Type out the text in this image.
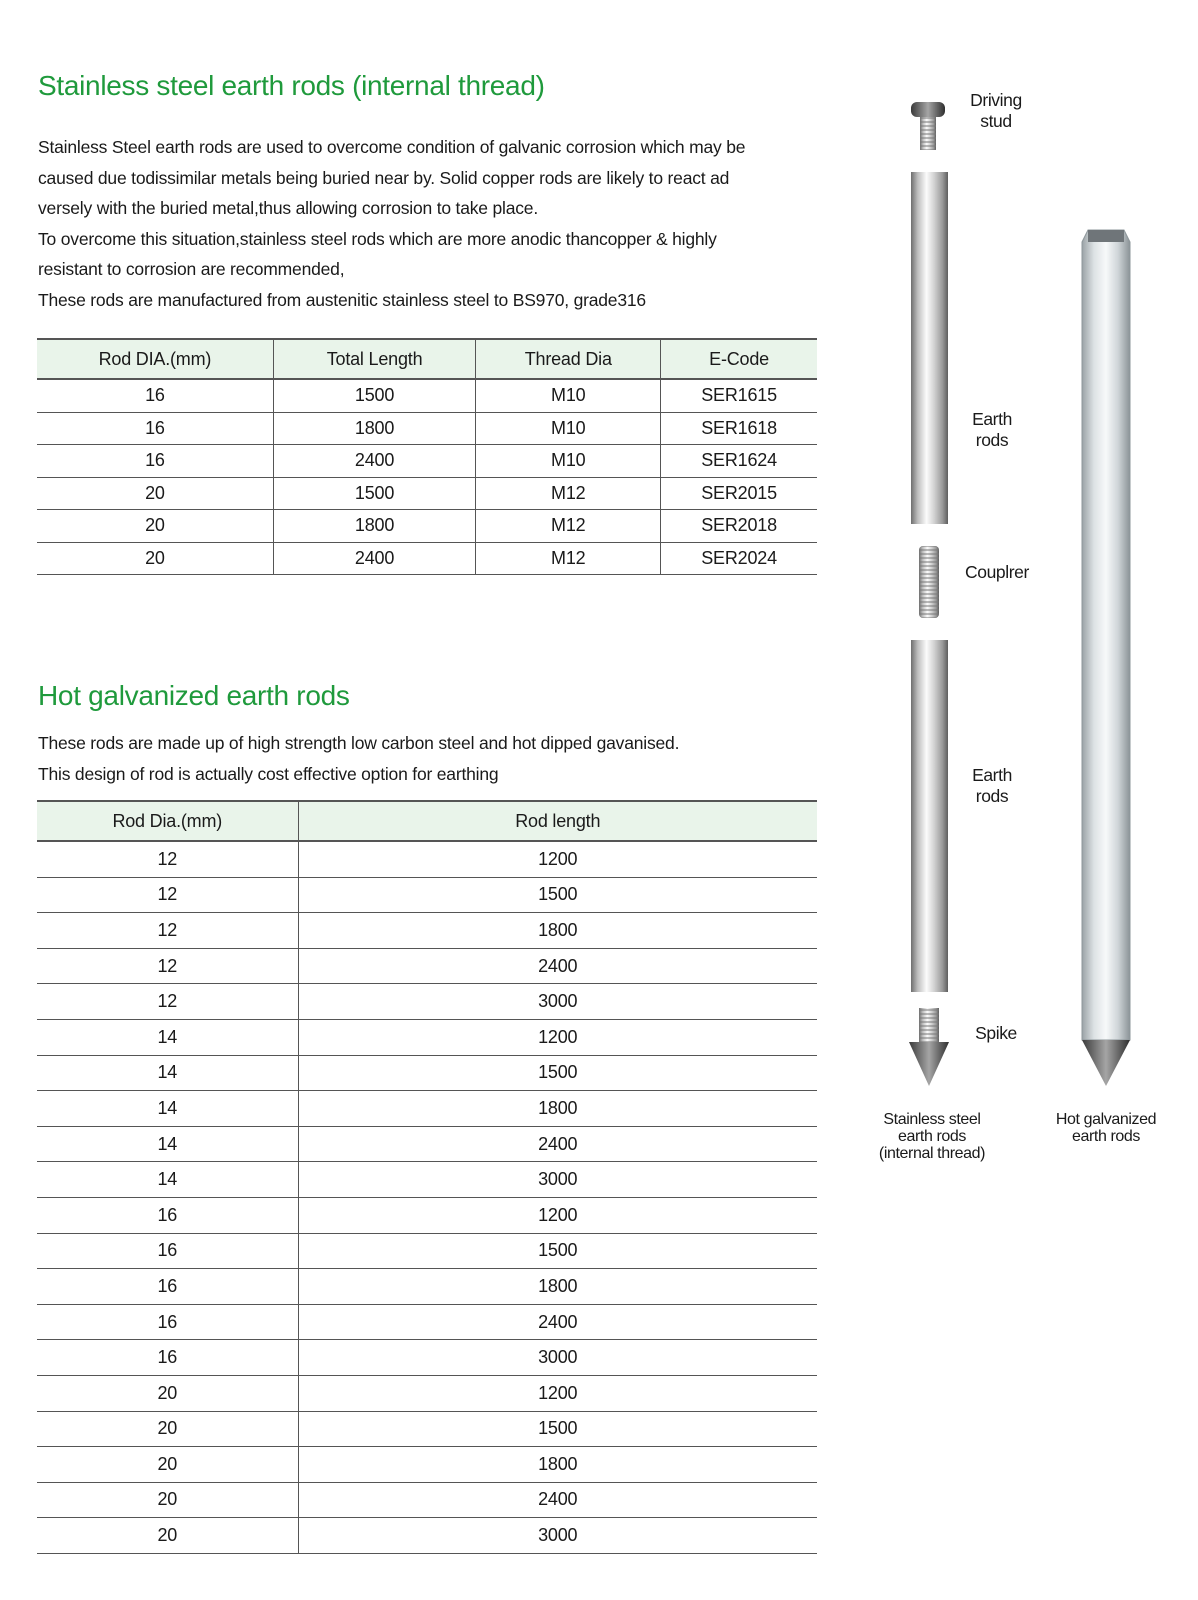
Stainless steel earth rods (internal thread)

Stainless Steel earth rods are used to overcome condition of galvanic corrosion which may be
caused due todissimilar metals being buried near by. Solid copper rods are likely to react ad
versely with the buried metal,thus allowing corrosion to take place.
To overcome this situation,stainless steel rods which are more anodic thancopper & highly
resistant to corrosion are recommended,
These rods are manufactured from austenitic stainless steel to BS970, grade316

Rod DIA.(mm)	Total Length	Thread Dia	E-Code
16	1500	M10	SER1615
16	1800	M10	SER1618
16	2400	M10	SER1624
20	1500	M12	SER2015
20	1800	M12	SER2018
20	2400	M12	SER2024
Hot galvanized earth rods

These rods are made up of high strength low carbon steel and hot dipped gavanised.
This design of rod is actually cost effective option for earthing

Rod Dia.(mm)	Rod length
12	1200
12	1500
12	1800
12	2400
12	3000
14	1200
14	1500
14	1800
14	2400
14	3000
16	1200
16	1500
16	1800
16	2400
16	3000
20	1200
20	1500
20	1800
20	2400
20	3000
Driving
stud
Earth
rods
Couplrer
Earth
rods
Spike
Stainless steel
earth rods
(internal thread)
Hot galvanized
earth rods
